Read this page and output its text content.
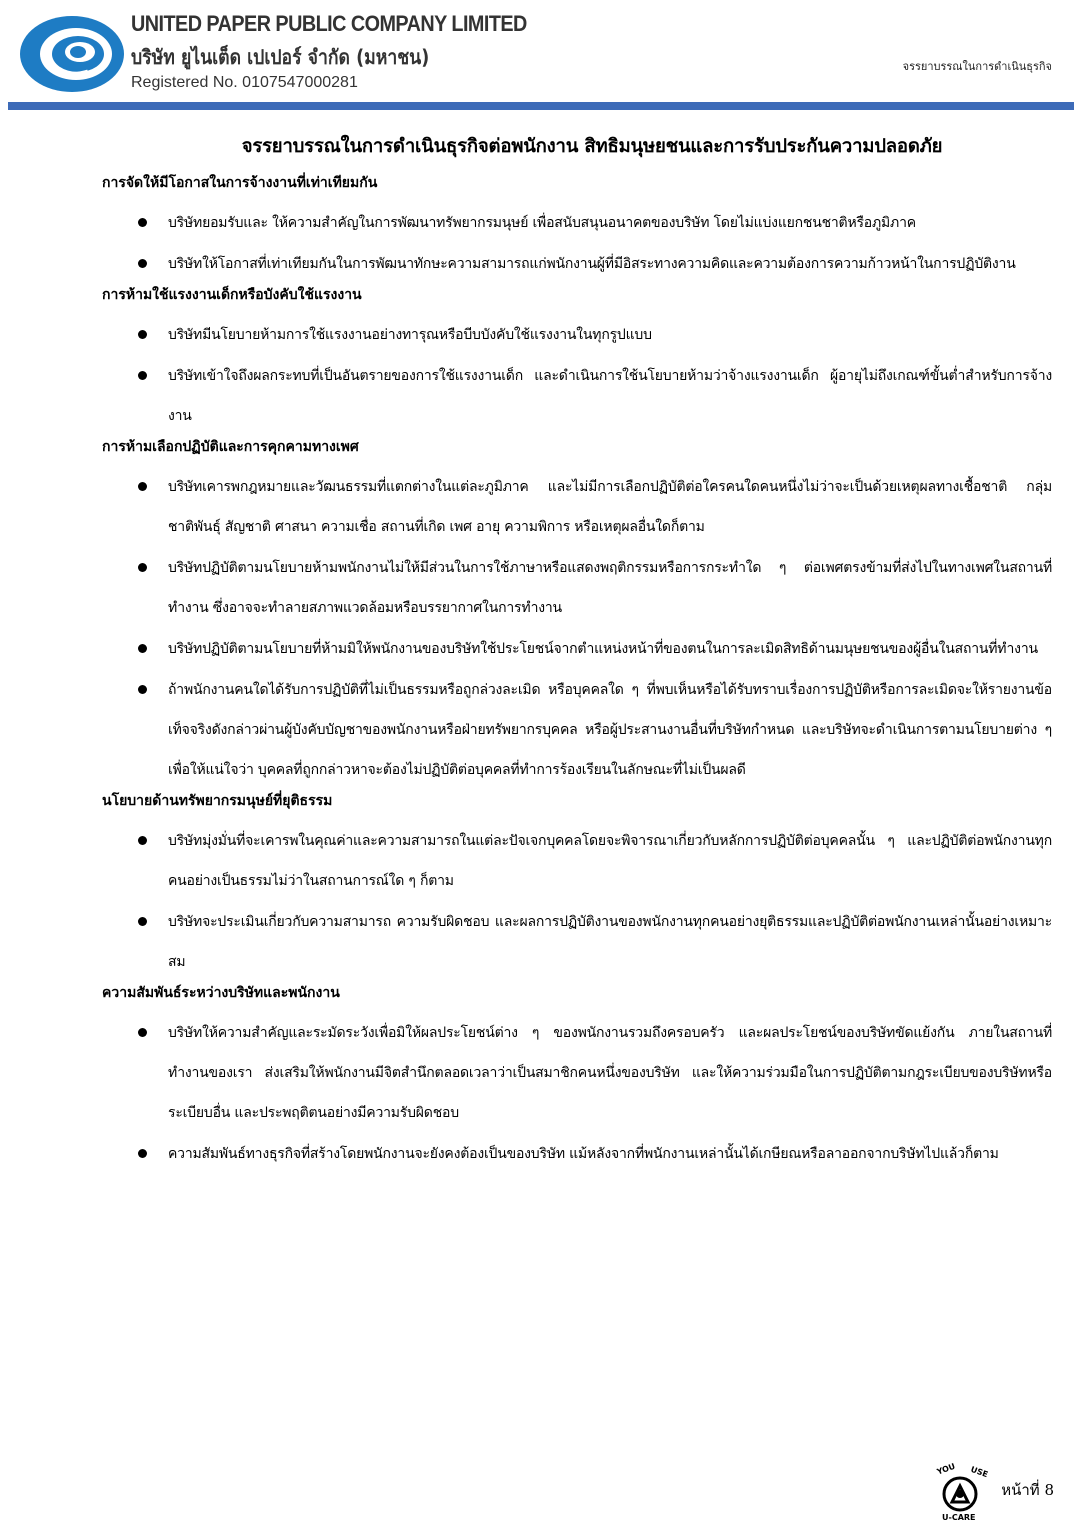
UNITED PAPER PUBLIC COMPANY LIMITED
บริษัท ยูไนเต็ด เปเปอร์ จำกัด (มหาชน)
Registered No. 0107547000281
จรรยาบรรณในการดำเนินธุรกิจ
จรรยาบรรณในการดำเนินธุรกิจต่อพนักงาน สิทธิมนุษยชนและการรับประกันความปลอดภัย
การจัดให้มีโอกาสในการจ้างงานที่เท่าเทียมกัน
บริษัทยอมรับและ ให้ความสำคัญในการพัฒนาทรัพยากรมนุษย์ เพื่อสนับสนุนอนาคตของบริษัท โดยไม่แบ่งแยกชนชาติหรือภูมิภาค
บริษัทให้โอกาสที่เท่าเทียมกันในการพัฒนาทักษะความสามารถแก่พนักงานผู้ที่มีอิสระทางความคิดและความต้องการความก้าวหน้าในการปฏิบัติงาน
การห้ามใช้แรงงานเด็กหรือบังคับใช้แรงงาน
บริษัทมีนโยบายห้ามการใช้แรงงานอย่างทารุณหรือบีบบังคับใช้แรงงานในทุกรูปแบบ
บริษัทเข้าใจถึงผลกระทบที่เป็นอันตรายของการใช้แรงงานเด็ก และดำเนินการใช้นโยบายห้ามว่าจ้างแรงงานเด็ก ผู้อายุไม่ถึงเกณฑ์ขั้นต่ำสำหรับการจ้างงาน
การห้ามเลือกปฏิบัติและการคุกคามทางเพศ
บริษัทเคารพกฎหมายและวัฒนธรรมที่แตกต่างในแต่ละภูมิภาค และไม่มีการเลือกปฏิบัติต่อใครคนใดคนหนึ่งไม่ว่าจะเป็นด้วยเหตุผลทางเชื้อชาติ กลุ่มชาติพันธุ์ สัญชาติ ศาสนา ความเชื่อ สถานที่เกิด เพศ อายุ ความพิการ หรือเหตุผลอื่นใดก็ตาม
บริษัทปฏิบัติตามนโยบายห้ามพนักงานไม่ให้มีส่วนในการใช้ภาษาหรือแสดงพฤติกรรมหรือการกระทำใด ๆ ต่อเพศตรงข้ามที่ส่งไปในทางเพศในสถานที่ทำงาน ซึ่งอาจจะทำลายสภาพแวดล้อมหรือบรรยากาศในการทำงาน
บริษัทปฏิบัติตามนโยบายที่ห้ามมิให้พนักงานของบริษัทใช้ประโยชน์จากตำแหน่งหน้าที่ของตนในการละเมิดสิทธิด้านมนุษยชนของผู้อื่นในสถานที่ทำงาน
ถ้าพนักงานคนใดได้รับการปฏิบัติที่ไม่เป็นธรรมหรือถูกล่วงละเมิด หรือบุคคลใด ๆ ที่พบเห็นหรือได้รับทราบเรื่องการปฏิบัติหรือการละเมิดจะให้รายงานข้อเท็จจริงดังกล่าวผ่านผู้บังคับบัญชาของพนักงานหรือฝ่ายทรัพยากรบุคคล หรือผู้ประสานงานอื่นที่บริษัทกำหนด และบริษัทจะดำเนินการตามนโยบายต่าง ๆ เพื่อให้แน่ใจว่า บุคคลที่ถูกกล่าวหาจะต้องไม่ปฏิบัติต่อบุคคลที่ทำการร้องเรียนในลักษณะที่ไม่เป็นผลดี
นโยบายด้านทรัพยากรมนุษย์ที่ยุติธรรม
บริษัทมุ่งมั่นที่จะเคารพในคุณค่าและความสามารถในแต่ละปัจเจกบุคคลโดยจะพิจารณาเกี่ยวกับหลักการปฏิบัติต่อบุคคลนั้น ๆ และปฏิบัติต่อพนักงานทุกคนอย่างเป็นธรรมไม่ว่าในสถานการณ์ใด ๆ ก็ตาม
บริษัทจะประเมินเกี่ยวกับความสามารถ ความรับผิดชอบ และผลการปฏิบัติงานของพนักงานทุกคนอย่างยุติธรรมและปฏิบัติต่อพนักงานเหล่านั้นอย่างเหมาะสม
ความสัมพันธ์ระหว่างบริษัทและพนักงาน
บริษัทให้ความสำคัญและระมัดระวังเพื่อมิให้ผลประโยชน์ต่าง ๆ ของพนักงานรวมถึงครอบครัว และผลประโยชน์ของบริษัทขัดแย้งกัน ภายในสถานที่ทำงานของเรา ส่งเสริมให้พนักงานมีจิตสำนึกตลอดเวลาว่าเป็นสมาชิกคนหนึ่งของบริษัท และให้ความร่วมมือในการปฏิบัติตามกฎระเบียบของบริษัทหรือระเบียบอื่น และประพฤติตนอย่างมีความรับผิดชอบ
ความสัมพันธ์ทางธุรกิจที่สร้างโดยพนักงานจะยังคงต้องเป็นของบริษัท แม้หลังจากที่พนักงานเหล่านั้นได้เกษียณหรือลาออกจากบริษัทไปแล้วก็ตาม
YOU USE
U-CARE
หน้าที่ 8
